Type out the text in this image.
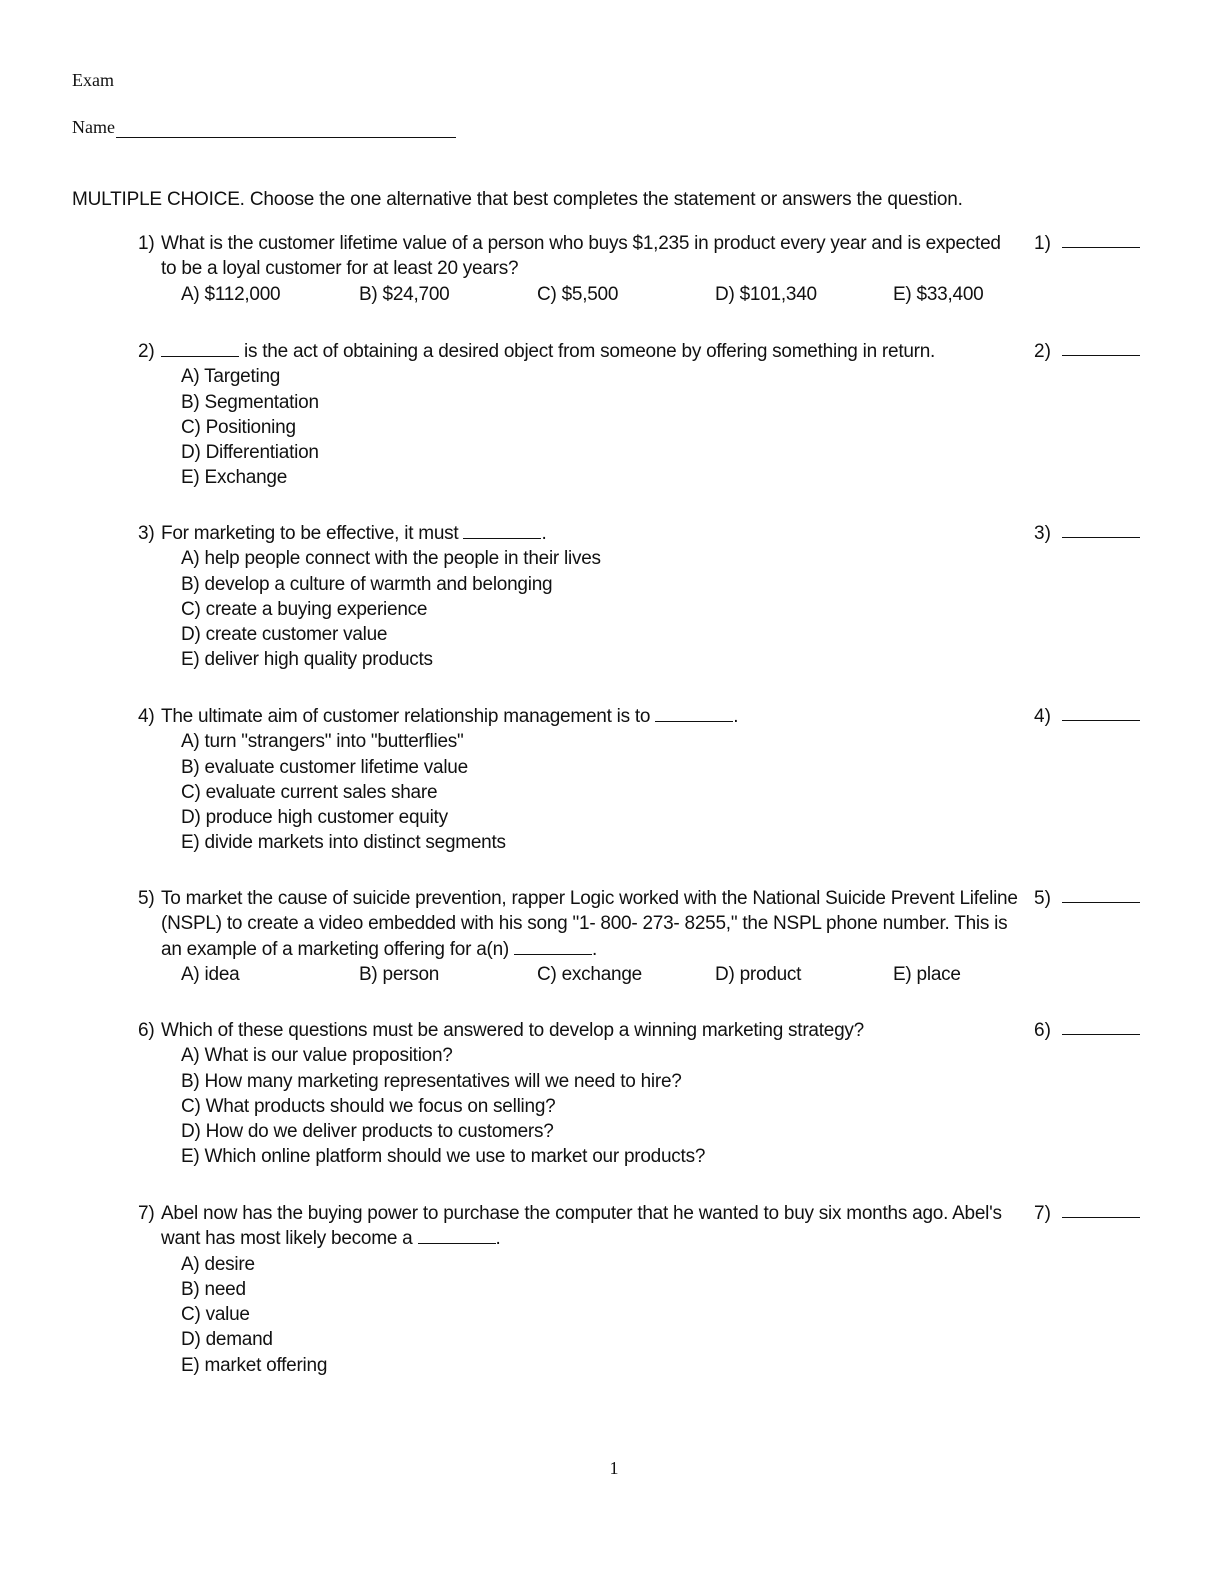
Exam
Name
MULTIPLE CHOICE. Choose the one alternative that best completes the statement or answers the question.
1) What is the customer lifetime value of a person who buys $1,235 in product every year and is expected to be a loyal customer for at least 20 years?
A) $112,000	B) $24,700	C) $5,500	D) $101,340	E) $33,400
1)
2)	is the act of obtaining a desired object from someone by offering something in return.
A) Targeting
B) Segmentation
C) Positioning
D) Differentiation
E) Exchange
2)
3) For marketing to be effective, it must	.
A) help people connect with the people in their lives
B) develop a culture of warmth and belonging
C) create a buying experience
D) create customer value
E) deliver high quality products
3)
4) The ultimate aim of customer relationship management is to	.
A) turn "strangers" into "butterflies"
B) evaluate customer lifetime value
C) evaluate current sales share
D) produce high customer equity
E) divide markets into distinct segments
4)
5) To market the cause of suicide prevention, rapper Logic worked with the National Suicide Prevent Lifeline (NSPL) to create a video embedded with his song "1- 800- 273- 8255," the NSPL phone number. This is an example of a marketing offering for a(n)	.
A) idea	B) person	C) exchange	D) product	E) place
5)
6) Which of these questions must be answered to develop a winning marketing strategy?
A) What is our value proposition?
B) How many marketing representatives will we need to hire?
C) What products should we focus on selling?
D) How do we deliver products to customers?
E) Which online platform should we use to market our products?
6)
7) Abel now has the buying power to purchase the computer that he wanted to buy six months ago. Abel's want has most likely become a	.
A) desire
B) need
C) value
D) demand
E) market offering
7)
1
